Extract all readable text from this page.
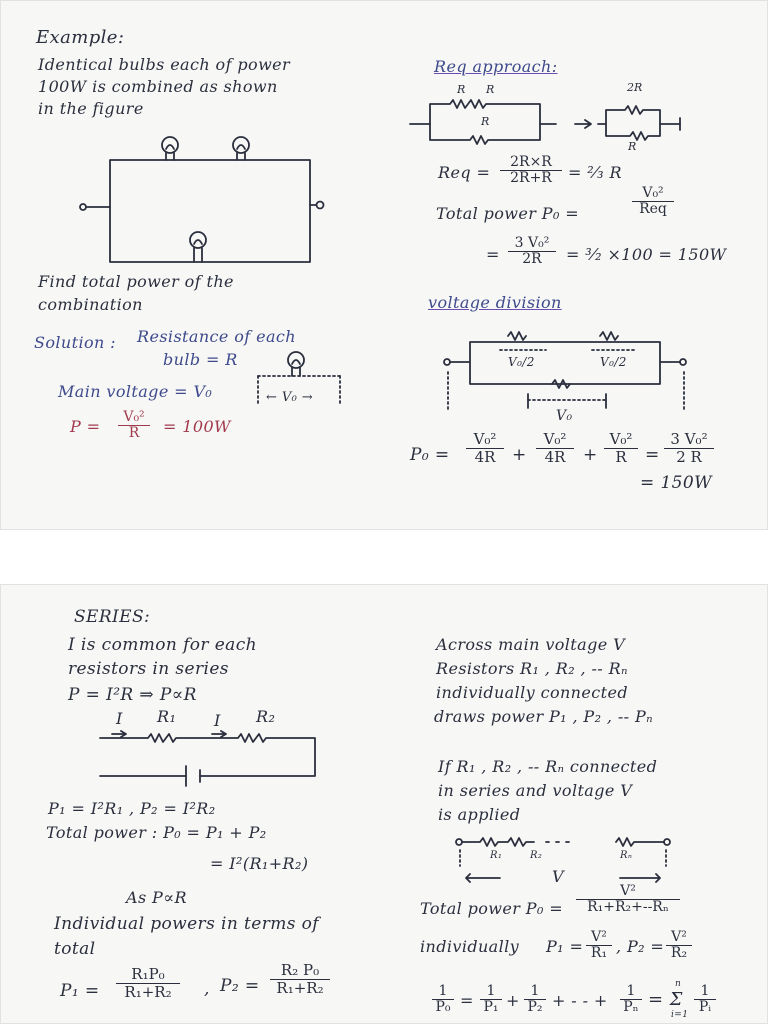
Example:
Identical bulbs each of power
100W is combined as shown
in the figure
Find total power of the
combination
Solution : Resistance of each
bulb = R
Main voltage = V₀
$P = \frac{\text{V₀²}}{R} = 100W$
← V₀ →
Req approach:
R R
R
2R
R
Req = $\frac{2R\times R}{2R+R}$ = ²⁄₃ R
Total power P₀ =
V₀²
Req
= $\frac{\text{3 V₀²}}{2R}$ = ³⁄₂ ×100 = 150W
voltage division
V₀/2	V₀/2
V₀
$P_0 = \frac{\text{V₀²}}{4R} + \frac{\text{V₀²}}{4R} + \frac{\text{V₀²}}{R} = \frac{\text{3 V₀²}}{2 R}$
= 150W
SERIES:
I is common for each
resistors in series
P = I²R ⇒ P∝R
I R₁ I R₂
P₁ = I²R₁ , P₂ = I²R₂
Total power : P₀ = P₁ + P₂
= I²(R₁+R₂)
As P∝R
Individual powers in terms of
total
$P_1 = \frac{\text{R₁P₀}}{\text{R₁+R₂}}$ , $P_2 = \frac{\text{R₂ P₀}}{\text{R₁+R₂}}$
Across main voltage V
Resistors R₁ , R₂ , -- Rₙ
individually connected
draws power P₁ , P₂ , -- Pₙ
If R₁ , R₂ , -- Rₙ connected
in series and voltage V
is applied
R₁	R₂	Rₙ
V
Total power $P_0 = \frac{\text{V²}}{\text{R₁+R₂+--Rₙ}}$
individually $P_1 = \frac{\text{V²}}{\text{R₁}}$ , $P_2 = \frac{\text{V²}}{\text{R₂}}$
$\frac{1}{\text{P₀}} = \frac{1}{\text{P₁}} + \frac{1}{\text{P₂}}$ + - - + $\frac{1}{\text{Pₙ}} = \Sigma$
n
$i=1 \frac{1}{\text{Pᵢ}}$
